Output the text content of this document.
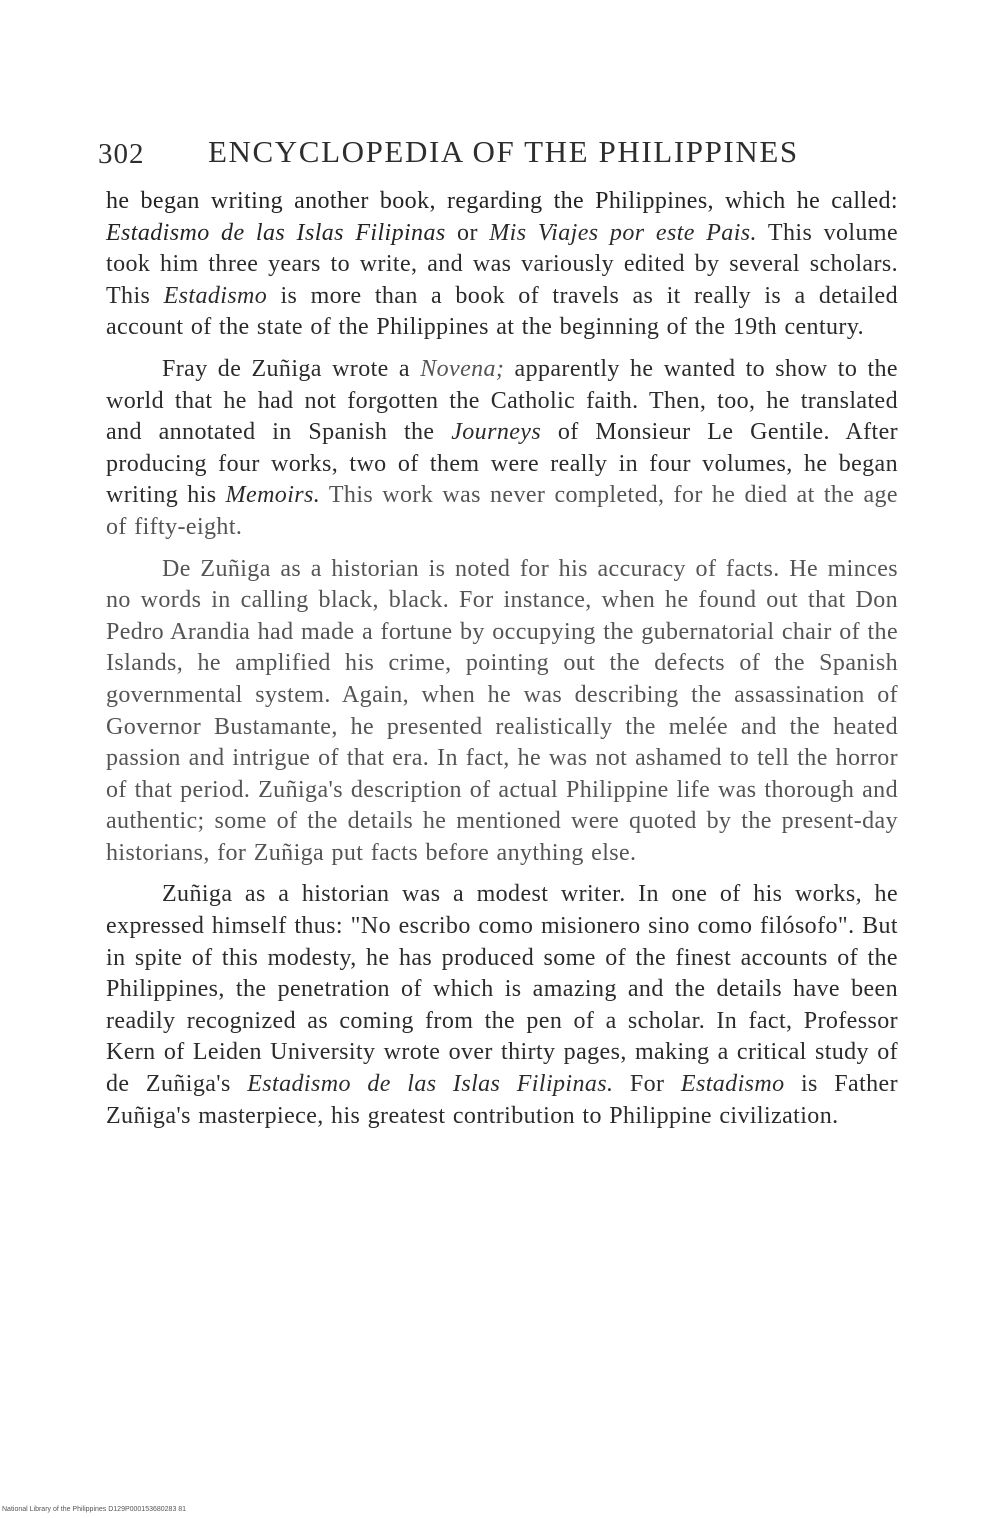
302 ENCYCLOPEDIA OF THE PHILIPPINES

he began writing another book, regarding the Philippines, which he called: Estadismo de las Islas Filipinas or Mis Viajes por este Pais. This volume took him three years to write, and was variously edited by several scholars. This Estadismo is more than a book of travels as it really is a detailed account of the state of the Philippines at the beginning of the 19th century.

Fray de Zuñiga wrote a Novena; apparently he wanted to show to the world that he had not forgotten the Catholic faith. Then, too, he translated and annotated in Spanish the Journeys of Monsieur Le Gentile. After producing four works, two of them were really in four volumes, he began writing his Memoirs. This work was never completed, for he died at the age of fifty-eight.

De Zuñiga as a historian is noted for his accuracy of facts. He minces no words in calling black, black. For instance, when he found out that Don Pedro Arandia had made a fortune by occupying the gubernatorial chair of the Islands, he amplified his crime, pointing out the defects of the Spanish governmental system. Again, when he was describing the assassination of Governor Bustamante, he presented realistically the melée and the heated passion and intrigue of that era. In fact, he was not ashamed to tell the horror of that period. Zuñiga's description of actual Philippine life was thorough and authentic; some of the details he mentioned were quoted by the present-day historians, for Zuñiga put facts before anything else.

Zuñiga as a historian was a modest writer. In one of his works, he expressed himself thus: "No escribo como misionero sino como filósofo". But in spite of this modesty, he has produced some of the finest accounts of the Philippines, the penetration of which is amazing and the details have been readily recognized as coming from the pen of a scholar. In fact, Professor Kern of Leiden University wrote over thirty pages, making a critical study of de Zuñiga's Estadismo de las Islas Filipinas. For Estadismo is Father Zuñiga's masterpiece, his greatest contribution to Philippine civilization.

National Library of the Philippines D129P000153680283 81
